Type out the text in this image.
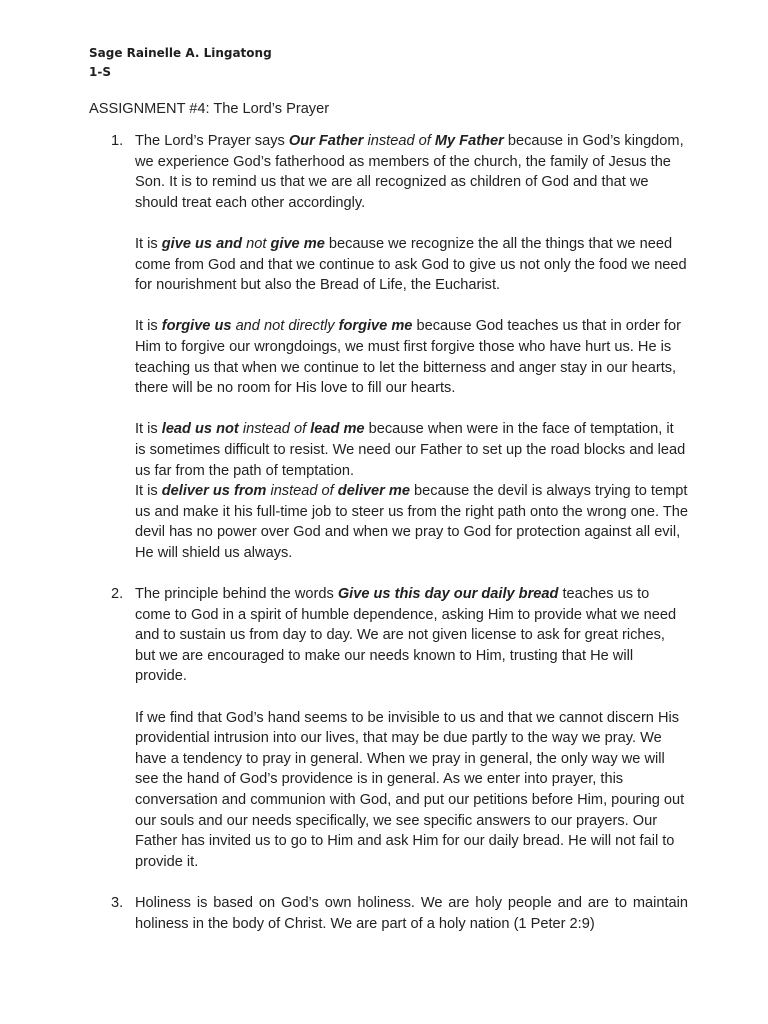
Sage Rainelle A. Lingatong
1-S
ASSIGNMENT #4: The Lord’s Prayer
1. The Lord’s Prayer says Our Father instead of My Father because in God’s kingdom, we experience God’s fatherhood as members of the church, the family of Jesus the Son. It is to remind us that we are all recognized as children of God and that we should treat each other accordingly.
It is give us and not give me because we recognize the all the things that we need come from God and that we continue to ask God to give us not only the food we need for nourishment but also the Bread of Life, the Eucharist.
It is forgive us and not directly forgive me because God teaches us that in order for Him to forgive our wrongdoings, we must first forgive those who have hurt us. He is teaching us that when we continue to let the bitterness and anger stay in our hearts, there will be no room for His love to fill our hearts.
It is lead us not instead of lead me because when were in the face of temptation, it is sometimes difficult to resist. We need our Father to set up the road blocks and lead us far from the path of temptation.
It is deliver us from instead of deliver me because the devil is always trying to tempt us and make it his full-time job to steer us from the right path onto the wrong one. The devil has no power over God and when we pray to God for protection against all evil, He will shield us always.
2. The principle behind the words Give us this day our daily bread teaches us to come to God in a spirit of humble dependence, asking Him to provide what we need and to sustain us from day to day. We are not given license to ask for great riches, but we are encouraged to make our needs known to Him, trusting that He will provide.
If we find that God’s hand seems to be invisible to us and that we cannot discern His providential intrusion into our lives, that may be due partly to the way we pray. We have a tendency to pray in general. When we pray in general, the only way we will see the hand of God’s providence is in general. As we enter into prayer, this conversation and communion with God, and put our petitions before Him, pouring out our souls and our needs specifically, we see specific answers to our prayers. Our Father has invited us to go to Him and ask Him for our daily bread. He will not fail to provide it.
3. Holiness is based on God’s own holiness. We are holy people and are to maintain holiness in the body of Christ. We are part of a holy nation (1 Peter 2:9)
